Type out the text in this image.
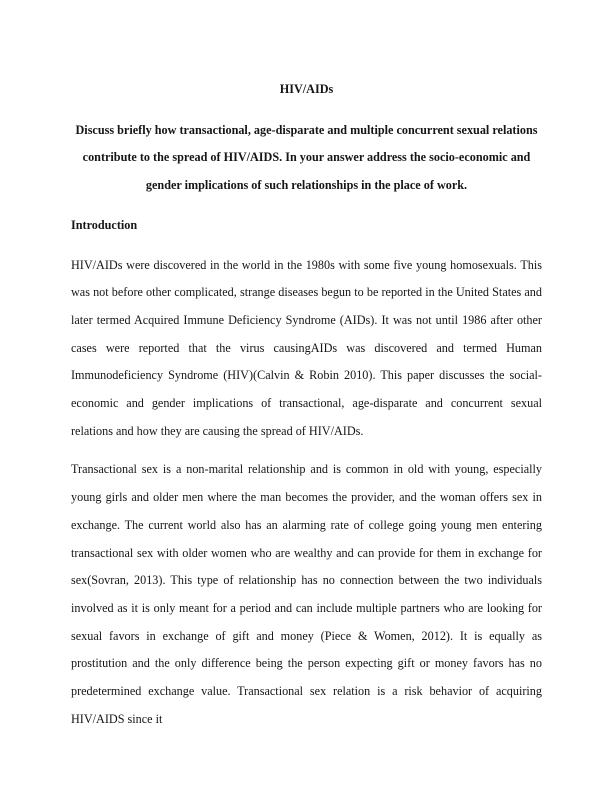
HIV/AIDs

Discuss briefly how transactional, age-disparate and multiple concurrent sexual relations contribute to the spread of HIV/AIDS. In your answer address the socio-economic and gender implications of such relationships in the place of work.

Introduction

HIV/AIDs were discovered in the world in the 1980s with some five young homosexuals. This was not before other complicated, strange diseases begun to be reported in the United States and later termed Acquired Immune Deficiency Syndrome (AIDs). It was not until 1986 after other cases were reported that the virus causingAIDs was discovered and termed Human Immunodeficiency Syndrome (HIV)(Calvin & Robin 2010). This paper discusses the social-economic and gender implications of transactional, age-disparate and concurrent sexual relations and how they are causing the spread of HIV/AIDs.

Transactional sex is a non-marital relationship and is common in old with young, especially young girls and older men where the man becomes the provider, and the woman offers sex in exchange. The current world also has an alarming rate of college going young men entering transactional sex with older women who are wealthy and can provide for them in exchange for sex(Sovran, 2013). This type of relationship has no connection between the two individuals involved as it is only meant for a period and can include multiple partners who are looking for sexual favors in exchange of gift and money (Piece & Women, 2012). It is equally as prostitution and the only difference being the person expecting gift or money favors has no predetermined exchange value. Transactional sex relation is a risk behavior of acquiring HIV/AIDS since it
